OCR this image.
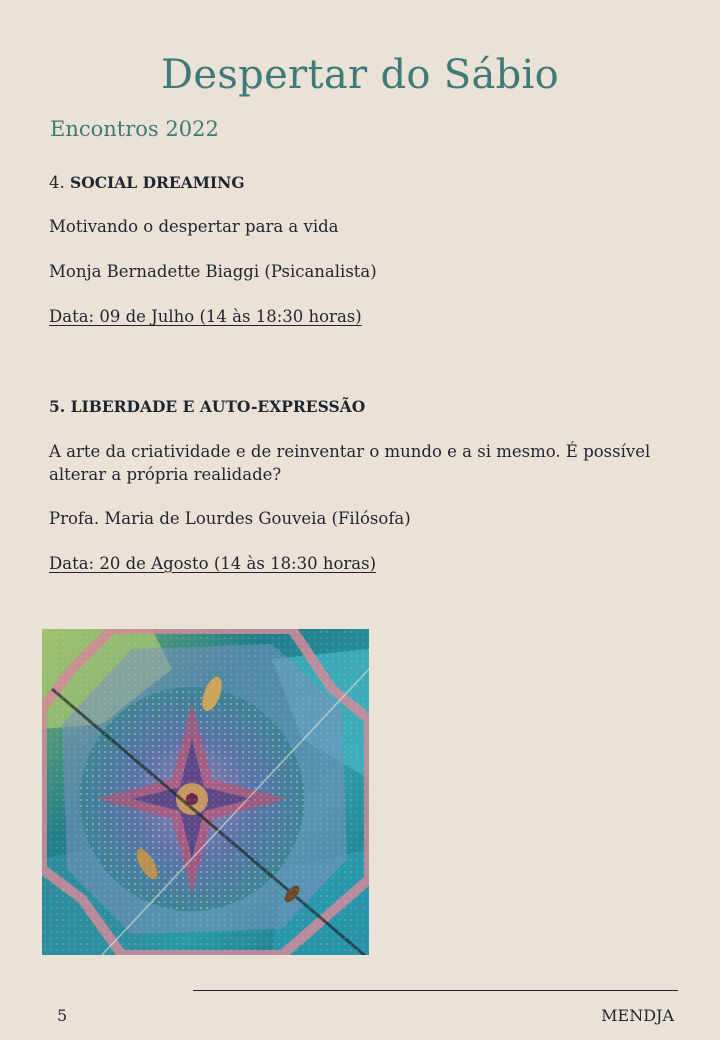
Despertar do Sábio
Encontros 2022

4. SOCIAL DREAMING

Motivando o despertar para a vida

Monja Bernadette Biaggi (Psicanalista)

Data: 09 de Julho (14 às 18:30 horas)

5. LIBERDADE E AUTO-EXPRESSÃO

A arte da criatividade e de reinventar o mundo e a si mesmo. É possível alterar a própria realidade?

Profa. Maria de Lourdes Gouveia (Filósofa)

Data: 20 de Agosto (14 às 18:30 horas)

5	MENDJA
